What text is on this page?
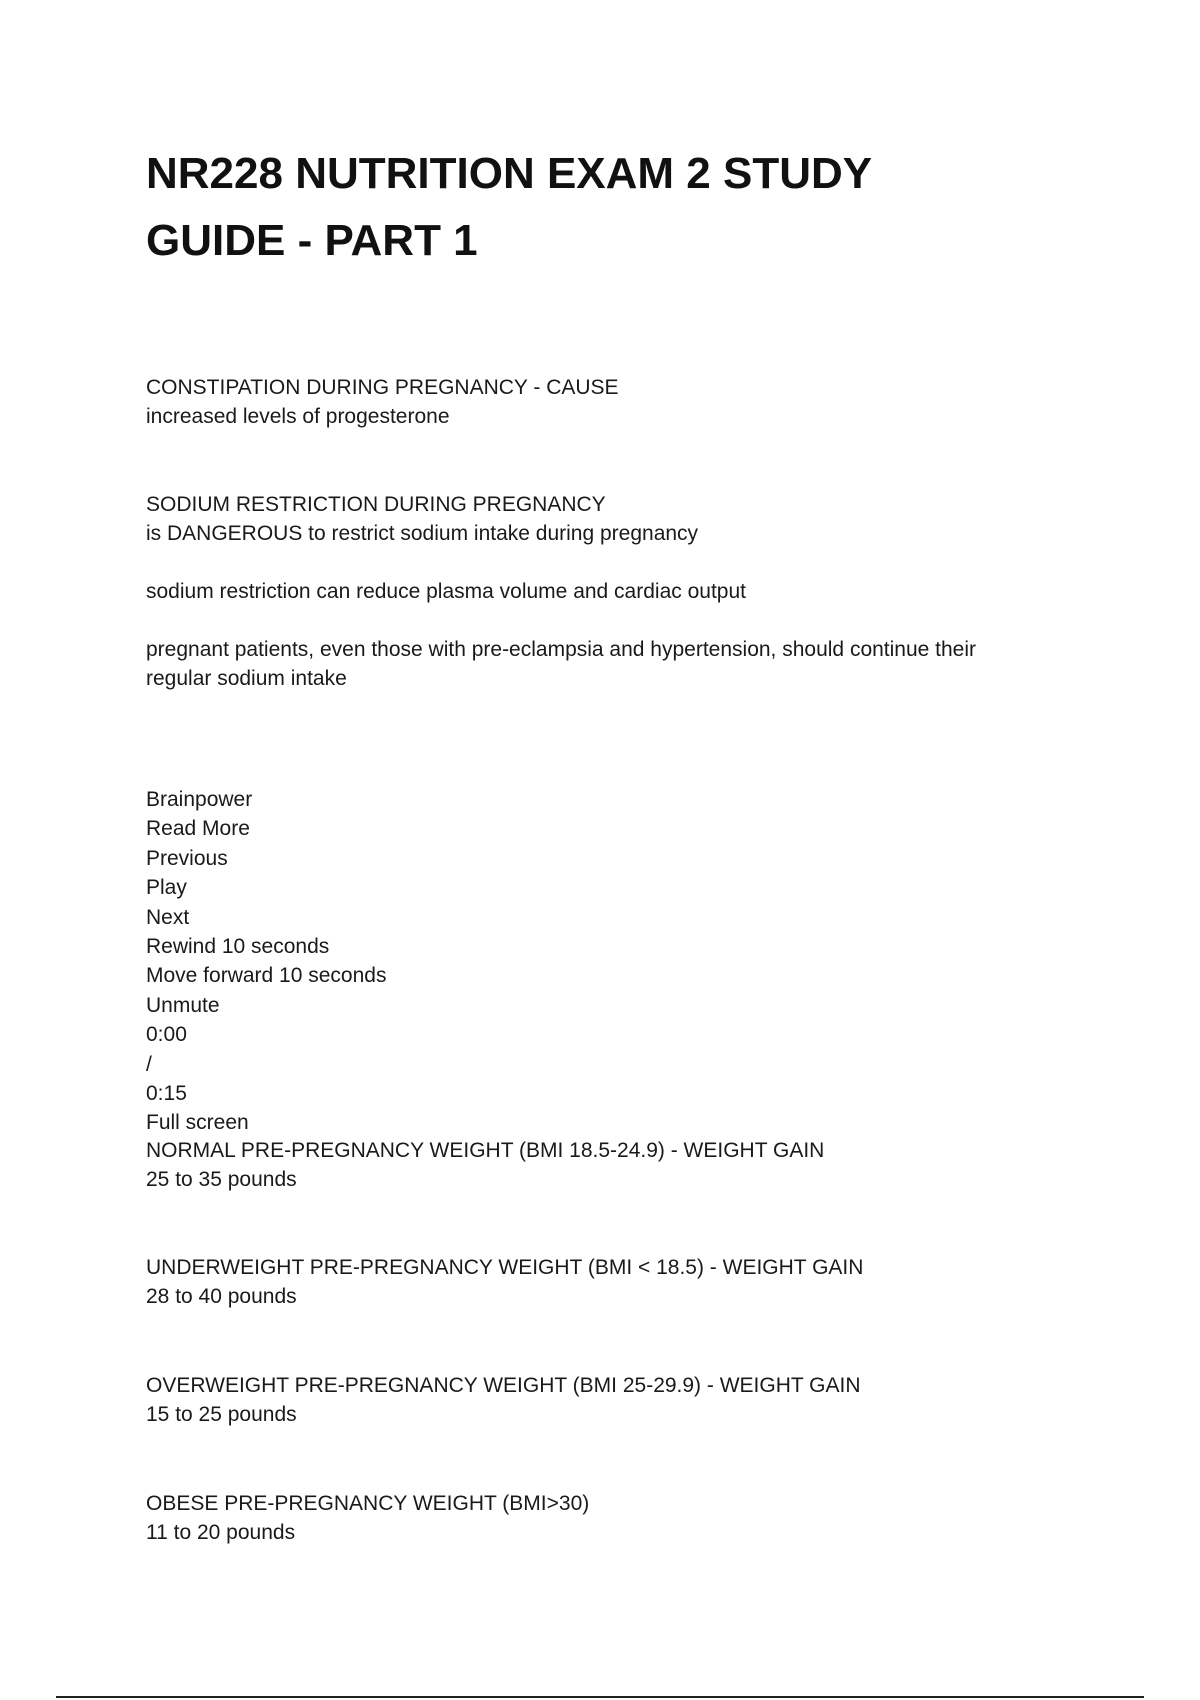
NR228 NUTRITION EXAM 2 STUDY
GUIDE - PART 1
CONSTIPATION DURING PREGNANCY - CAUSE
increased levels of progesterone
SODIUM RESTRICTION DURING PREGNANCY
is DANGEROUS to restrict sodium intake during pregnancy
sodium restriction can reduce plasma volume and cardiac output
pregnant patients, even those with pre-eclampsia and hypertension, should continue their
regular sodium intake
Brainpower
Read More
Previous
Play
Next
Rewind 10 seconds
Move forward 10 seconds
Unmute
0:00
/
0:15
Full screen
NORMAL PRE-PREGNANCY WEIGHT (BMI 18.5-24.9) - WEIGHT GAIN
25 to 35 pounds
UNDERWEIGHT PRE-PREGNANCY WEIGHT (BMI < 18.5) - WEIGHT GAIN
28 to 40 pounds
OVERWEIGHT PRE-PREGNANCY WEIGHT (BMI 25-29.9) - WEIGHT GAIN
15 to 25 pounds
OBESE PRE-PREGNANCY WEIGHT (BMI>30)
11 to 20 pounds
